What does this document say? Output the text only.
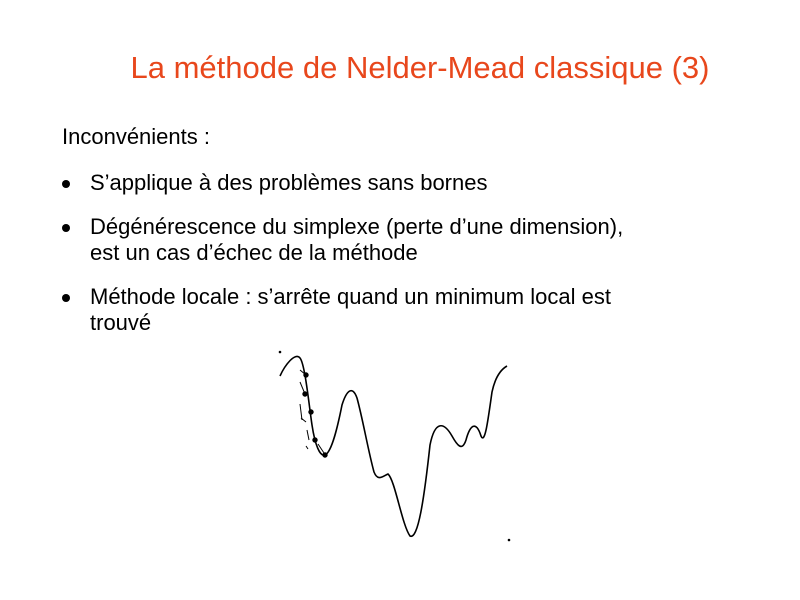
La méthode de Nelder-Mead classique (3)
Inconvénients :
S’applique à des problèmes sans bornes
Dégénérescence du simplexe (perte d’une dimension),
est un cas d’échec de la méthode
Méthode locale : s’arrête quand un minimum local est
trouvé
